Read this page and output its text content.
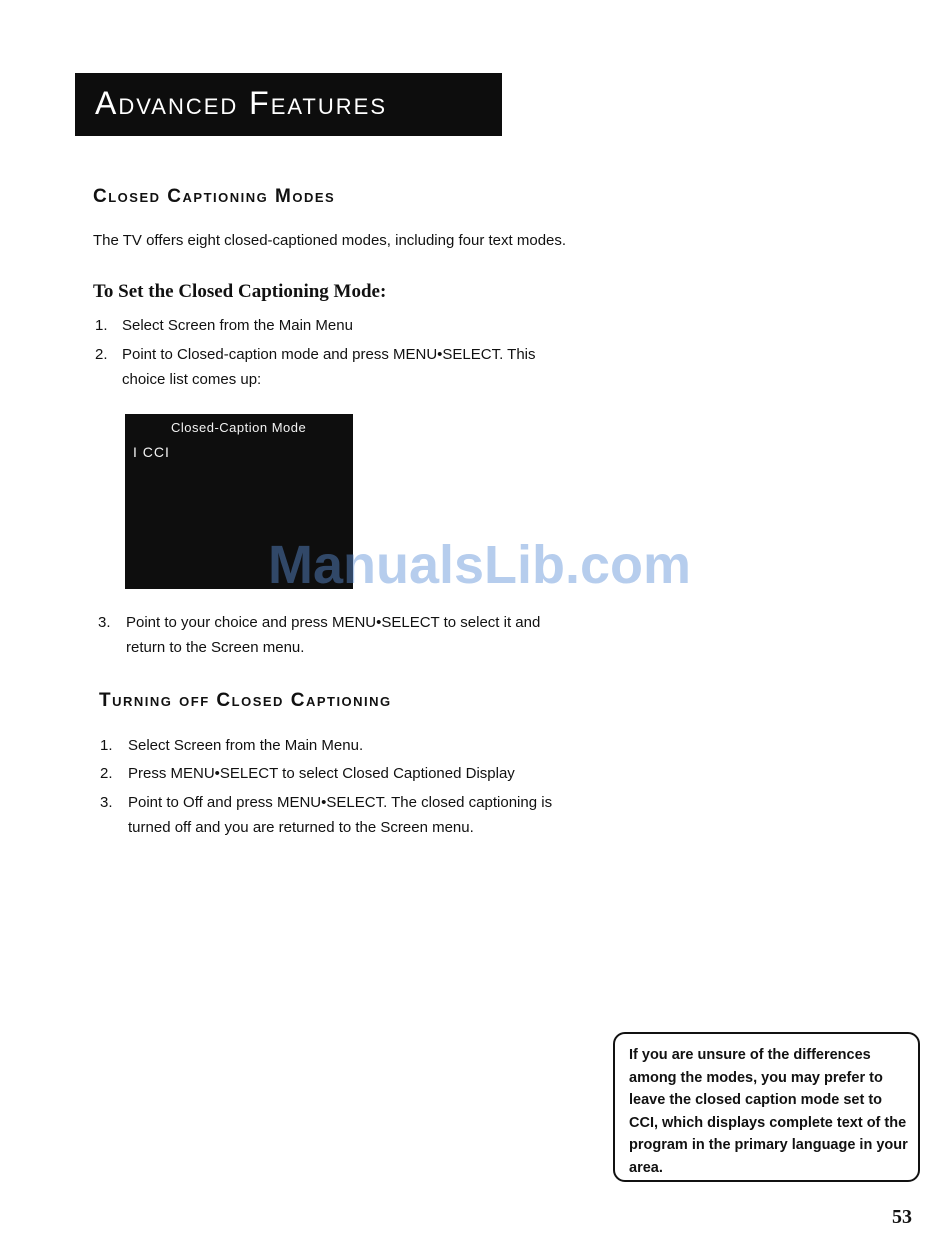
Advanced Features
Closed Captioning Modes
The TV offers eight closed-captioned modes, including four text modes.
To Set the Closed Captioning Mode:
1. Select Screen from the Main Menu
2. Point to Closed-caption mode and press MENU•SELECT. This choice list comes up:
Closed-Caption Mode
I CCI
ManualsLib.com
3. Point to your choice and press MENU•SELECT to select it and return to the Screen menu.
Turning off Closed Captioning
1. Select Screen from the Main Menu.
2. Press MENU•SELECT to select Closed Captioned Display
3. Point to Off and press MENU•SELECT. The closed captioning is turned off and you are returned to the Screen menu.
If you are unsure of the differences among the modes, you may prefer to leave the closed caption mode set to CCI, which displays complete text of the program in the primary language in your area.
53
